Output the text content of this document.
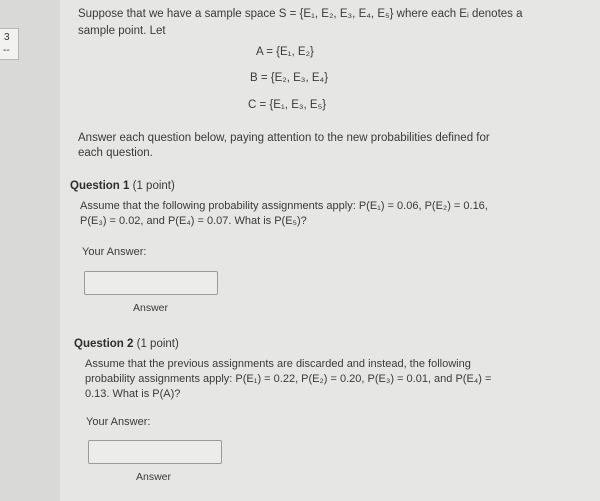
3
--
Suppose that we have a sample space S = {E₁, E₂, E₃, E₄, E₅} where each Eᵢ denotes a
sample point. Let
A = {E₁, E₂}
B = {E₂, E₃, E₄}
C = {E₁, E₃, E₅}
Answer each question below, paying attention to the new probabilities defined for
each question.
Question 1 (1 point)
Assume that the following probability assignments apply: P(E₁) = 0.06, P(E₂) = 0.16,
P(E₃) = 0.02, and P(E₄) = 0.07. What is P(E₅)?
Your Answer:
Answer
Question 2 (1 point)
Assume that the previous assignments are discarded and instead, the following
probability assignments apply: P(E₁) = 0.22, P(E₂) = 0.20, P(E₃) = 0.01, and P(E₄) =
0.13. What is P(A)?
Your Answer:
Answer
